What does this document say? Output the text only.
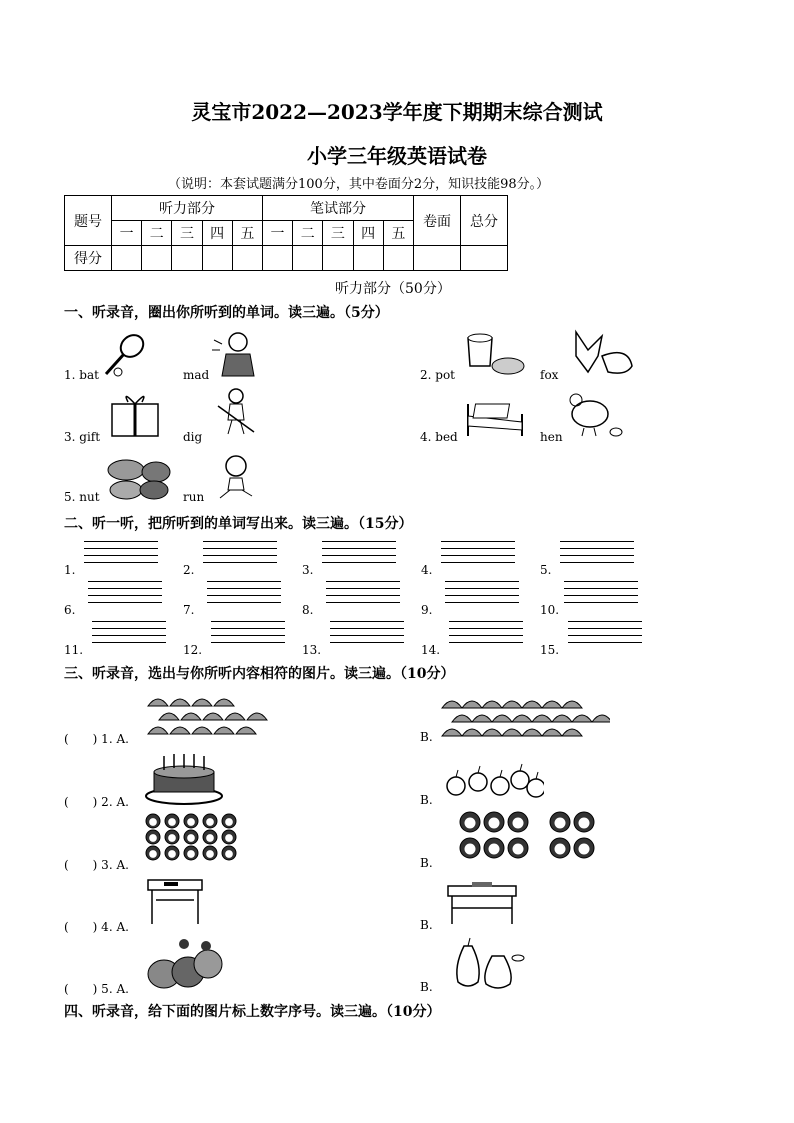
灵宝市2022—2023学年度下期期末综合测试
小学三年级英语试卷
（说明：本套试题满分100分，其中卷面分2分，知识技能98分。）
题号	听力部分					笔试部分					卷面	总分
	一	二	三	四	五	一	二	三	四	五		
得分												
听力部分（50分）
一、听录音，圈出你所听到的单词。读三遍。（5分）
1. bat	mad	2. pot	fox
3. gift	dig	4. bed	hen
5. nut	run
二、听一听，把所听到的单词写出来。读三遍。（15分）
1.	2.	3.	4.	5.
6.	7.	8.	9.	10.
11.	12.	13.	14.	15.
三、听录音，选出与你所听内容相符的图片。读三遍。（10分）
(　　) 1. A.	B.
(　　) 2. A.	B.
(　　) 3. A.	B.
(　　) 4. A.	B.
(　　) 5. A.	B.
四、听录音，给下面的图片标上数字序号。读三遍。（10分）
